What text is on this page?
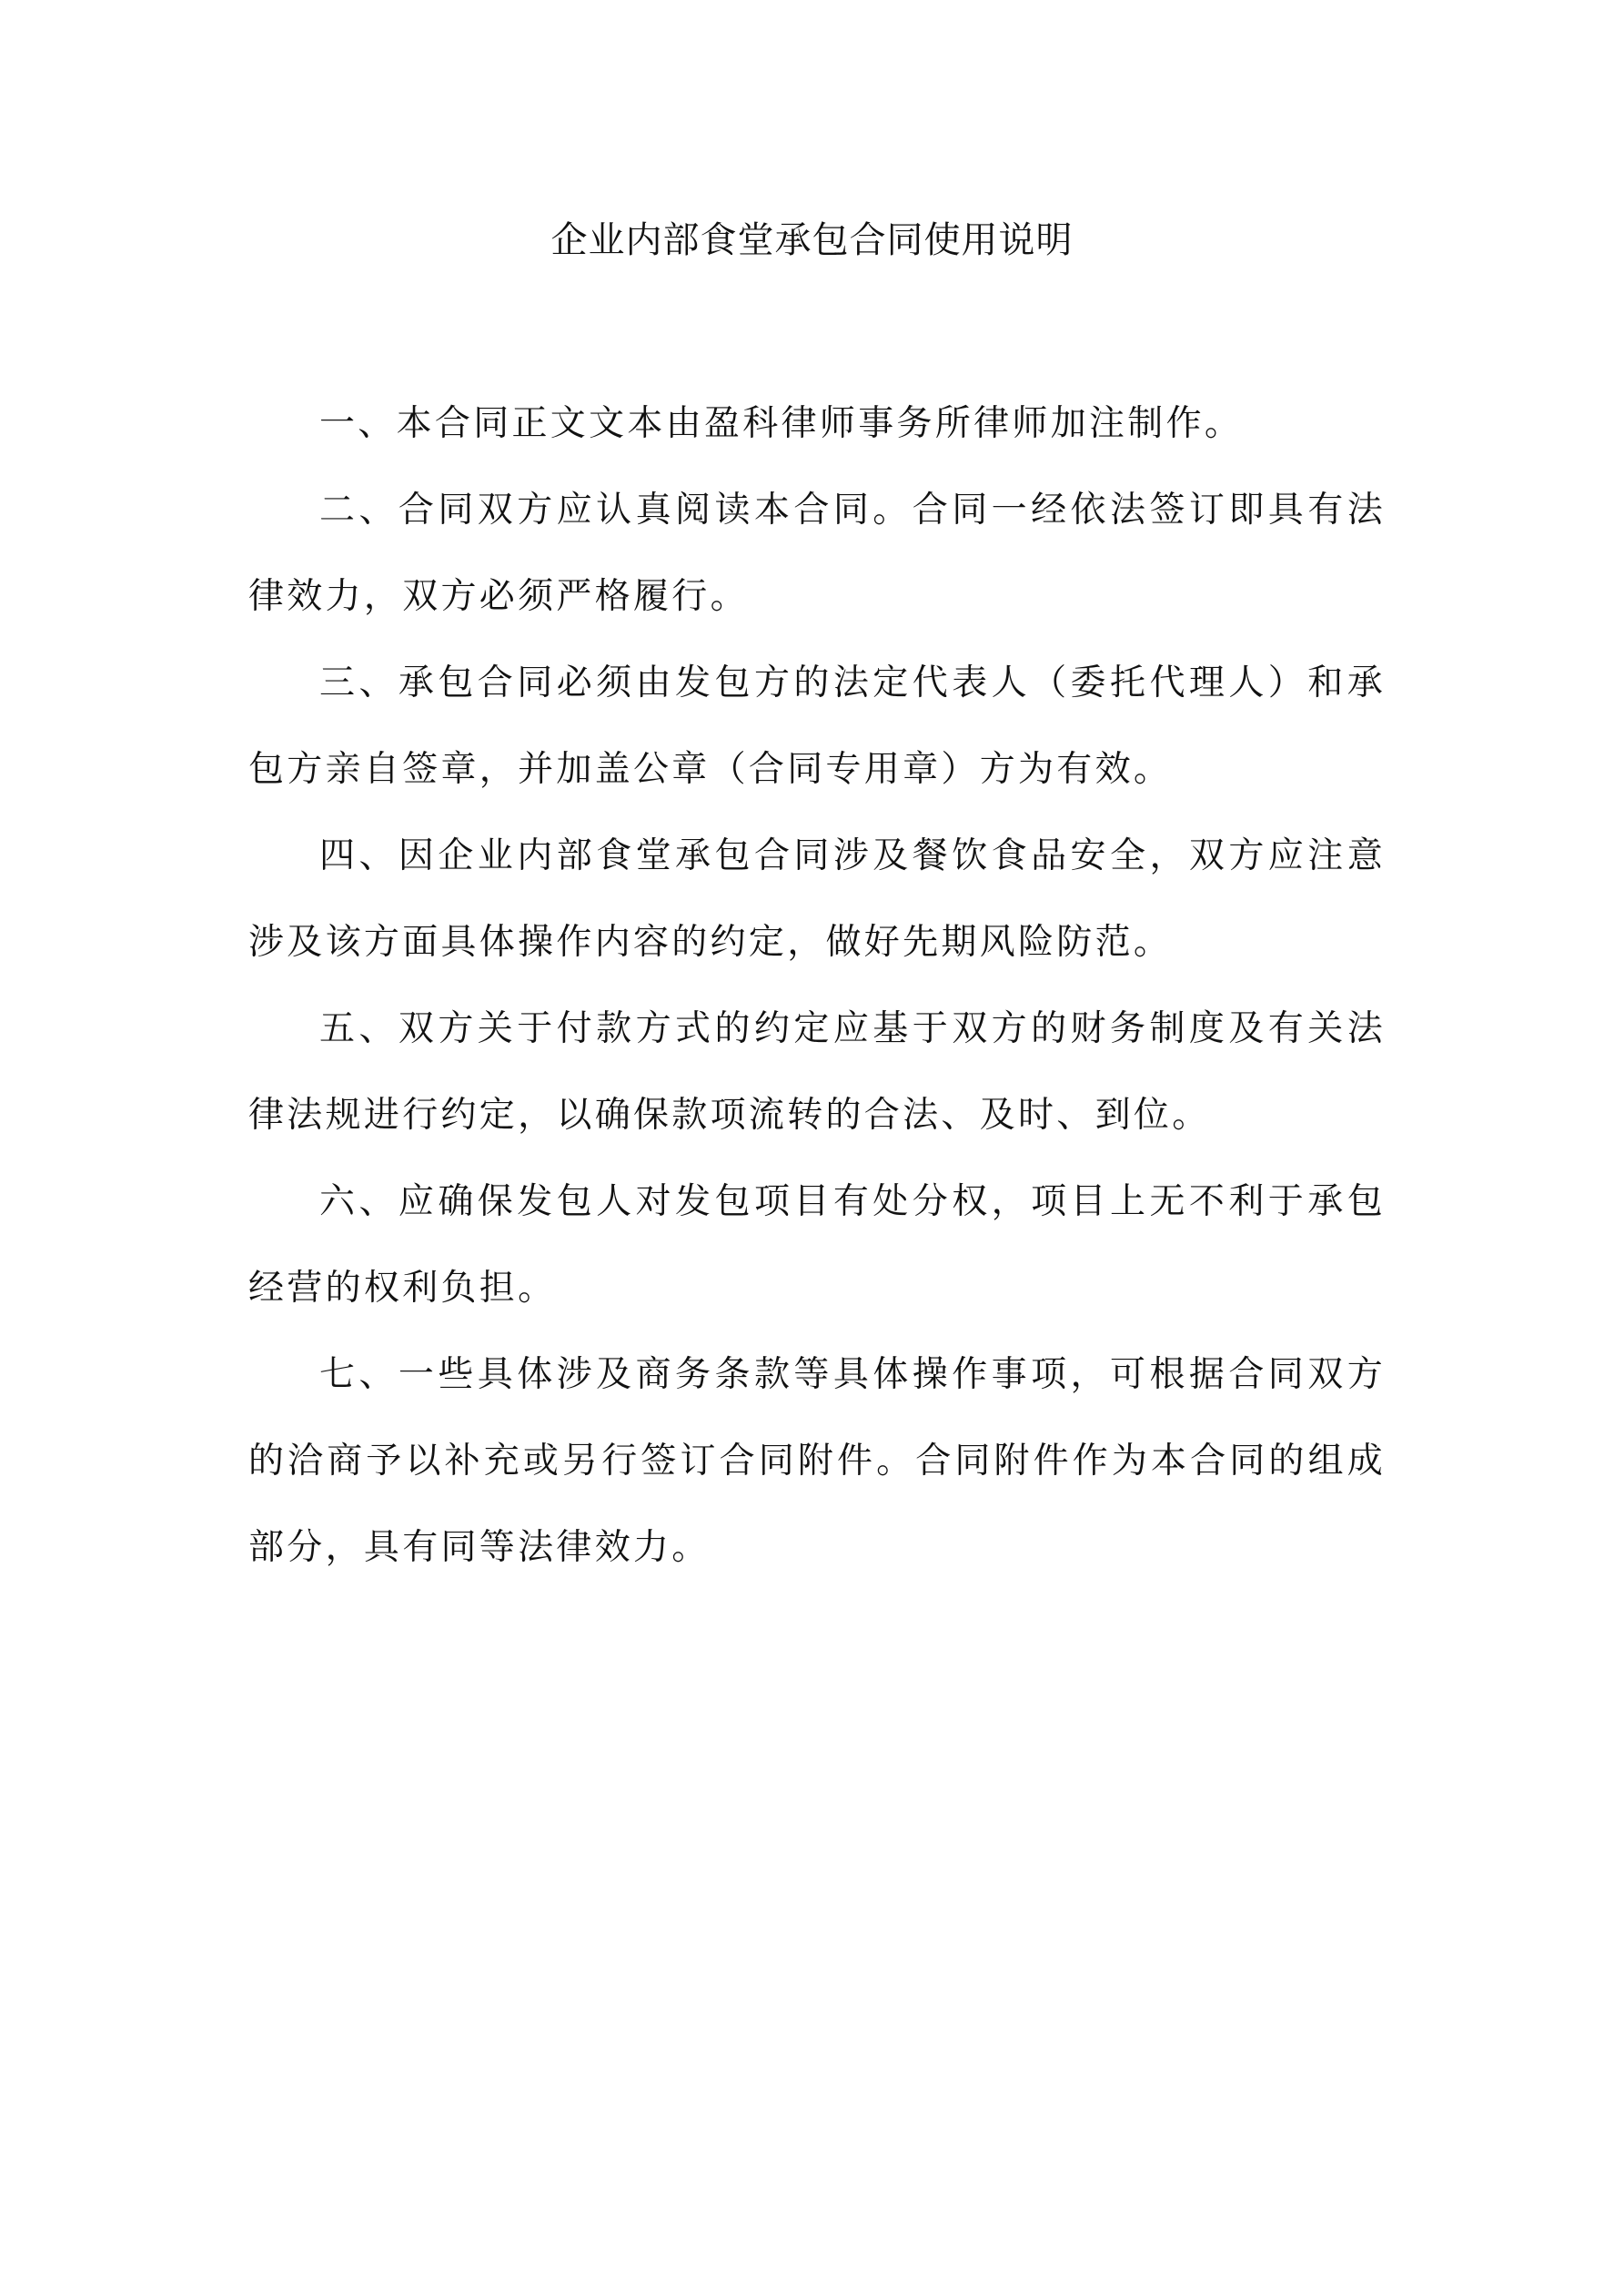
企业内部食堂承包合同使用说明

一、本合同正文文本由盈科律师事务所律师加注制作。

二、合同双方应认真阅读本合同。合同一经依法签订即具有法律效力，双方必须严格履行。

三、承包合同必须由发包方的法定代表人（委托代理人）和承包方亲自签章，并加盖公章（合同专用章）方为有效。

四、因企业内部食堂承包合同涉及餐饮食品安全，双方应注意涉及该方面具体操作内容的约定，做好先期风险防范。

五、双方关于付款方式的约定应基于双方的财务制度及有关法律法规进行约定，以确保款项流转的合法、及时、到位。

六、应确保发包人对发包项目有处分权，项目上无不利于承包经营的权利负担。

七、一些具体涉及商务条款等具体操作事项，可根据合同双方的洽商予以补充或另行签订合同附件。合同附件作为本合同的组成部分，具有同等法律效力。
